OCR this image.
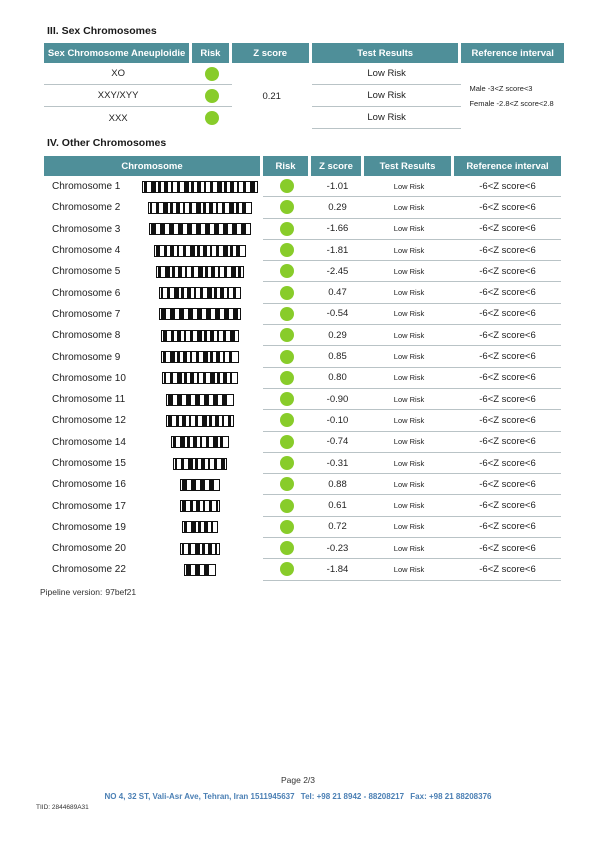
III. Sex Chromosomes
Sex Chromosome Aneuploidie	Risk	Z score	Test Results	Reference interval
XO		0.21	Low Risk	Male -3<Z score<3
Female -2.8<Z score<2.8

XXY/XYY			Low Risk	
XXX			Low Risk	
IV. Other Chromosomes
Chromosome		Risk	Z score	Test Results	Reference interval
Chromosome 1			-1.01	Low Risk	-6<Z score<6
Chromosome 2			0.29	Low Risk	-6<Z score<6
Chromosome 3			-1.66	Low Risk	-6<Z score<6
Chromosome 4			-1.81	Low Risk	-6<Z score<6
Chromosome 5			-2.45	Low Risk	-6<Z score<6
Chromosome 6			0.47	Low Risk	-6<Z score<6
Chromosome 7			-0.54	Low Risk	-6<Z score<6
Chromosome 8			0.29	Low Risk	-6<Z score<6
Chromosome 9			0.85	Low Risk	-6<Z score<6
Chromosome 10			0.80	Low Risk	-6<Z score<6
Chromosome 11			-0.90	Low Risk	-6<Z score<6
Chromosome 12			-0.10	Low Risk	-6<Z score<6
Chromosome 14			-0.74	Low Risk	-6<Z score<6
Chromosome 15			-0.31	Low Risk	-6<Z score<6
Chromosome 16			0.88	Low Risk	-6<Z score<6
Chromosome 17			0.61	Low Risk	-6<Z score<6
Chromosome 19			0.72	Low Risk	-6<Z score<6
Chromosome 20			-0.23	Low Risk	-6<Z score<6
Chromosome 22			-1.84	Low Risk	-6<Z score<6
Pipeline version: 97bef21
Page 2/3
NO 4, 32 ST, Vali-Asr Ave, Tehran, Iran 1511945637 Tel: +98 21 8942 - 88208217 Fax: +98 21 88208376
TIID: 2844689A31
